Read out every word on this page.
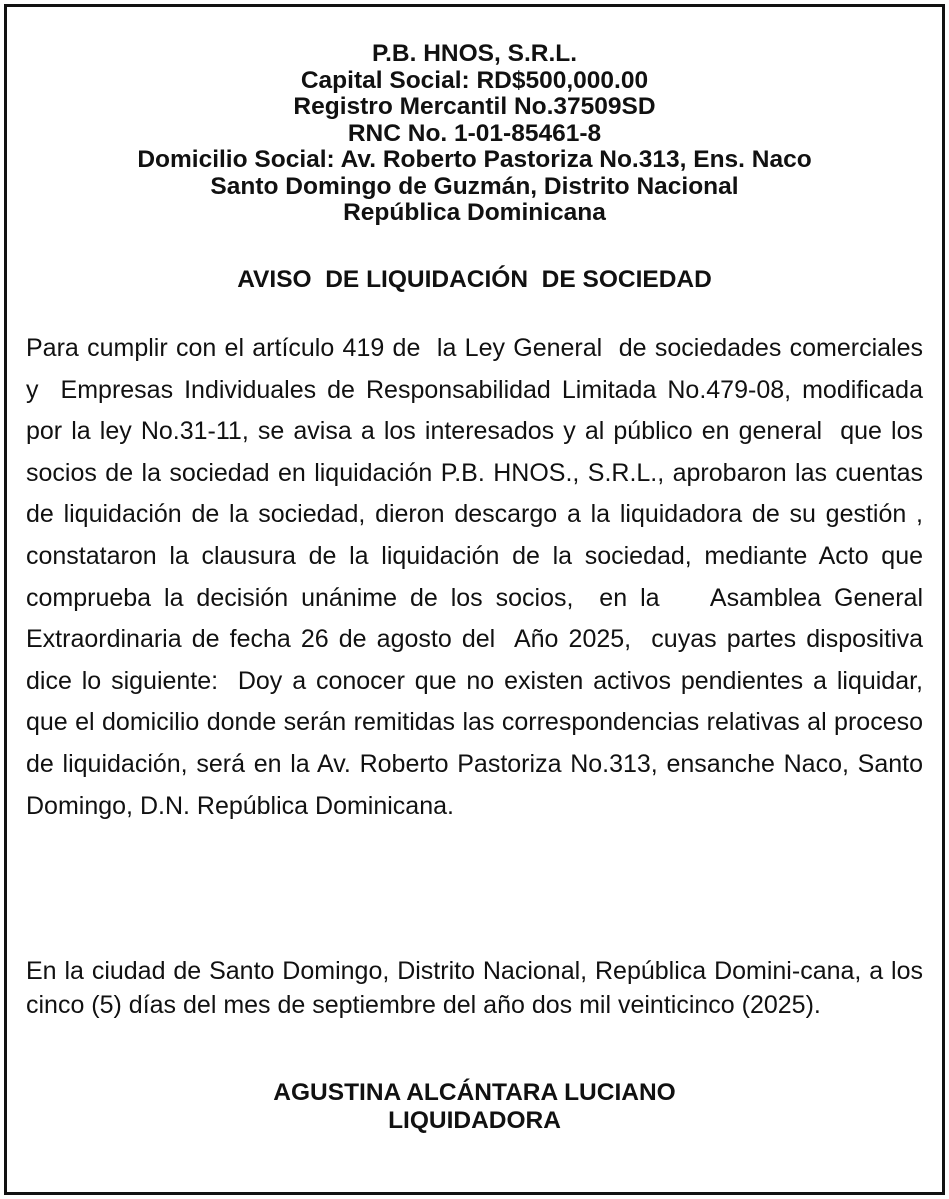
P.B. HNOS, S.R.L.
Capital Social: RD$500,000.00
Registro Mercantil No.37509SD
RNC No. 1-01-85461-8
Domicilio Social: Av. Roberto Pastoriza No.313, Ens. Naco
Santo Domingo de Guzmán, Distrito Nacional
República Dominicana
AVISO  DE LIQUIDACIÓN  DE SOCIEDAD

Para cumplir con el artículo 419 de  la Ley General  de sociedades comerciales y  Empresas Individuales de Responsabilidad Limitada No.479-08, modificada por la ley No.31-11, se avisa a los interesados y al público en general  que los socios de la sociedad en liquidación P.B. HNOS., S.R.L., aprobaron las cuentas de liquidación de la sociedad, dieron descargo a la liquidadora de su gestión , constataron la clausura de la liquidación de la sociedad, mediante Acto que comprueba la decisión unánime de los socios,  en la    Asamblea General Extraordinaria de fecha 26 de agosto del  Año 2025,  cuyas partes dispositiva dice lo siguiente:  Doy a conocer que no existen activos pendientes a liquidar, que el domicilio donde serán remitidas las correspondencias relativas al proceso de liquidación, será en la Av. Roberto Pastoriza No.313, ensanche Naco, Santo Domingo, D.N. República Dominicana.

En la ciudad de Santo Domingo, Distrito Nacional, República Domini-cana, a los cinco (5) días del mes de septiembre del año dos mil veinticinco (2025).

AGUSTINA ALCÁNTARA LUCIANO
LIQUIDADORA
